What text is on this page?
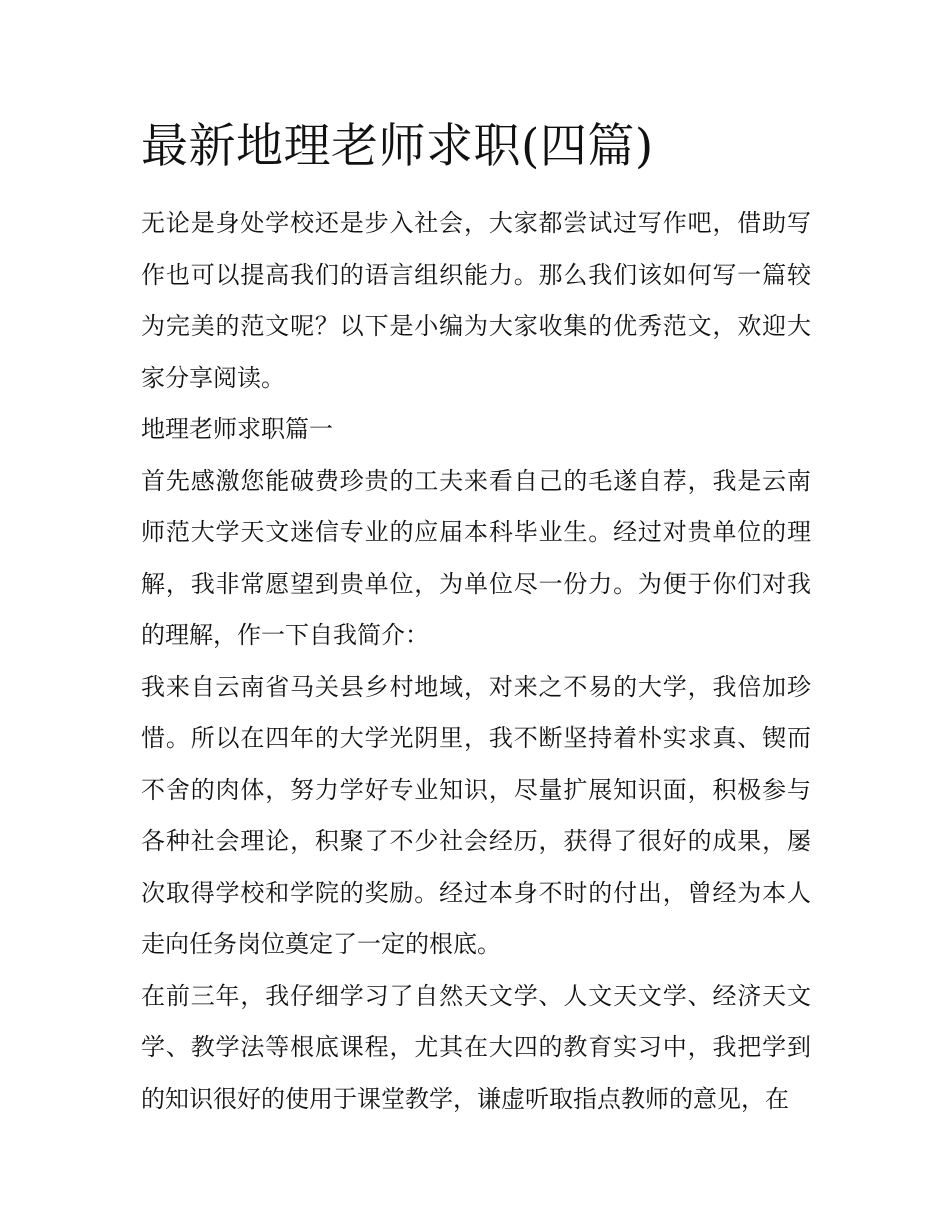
最新地理老师求职(四篇)

无论是身处学校还是步入社会，大家都尝试过写作吧，借助写作也可以提高我们的语言组织能力。那么我们该如何写一篇较为完美的范文呢？以下是小编为大家收集的优秀范文，欢迎大家分享阅读。

地理老师求职篇一

首先感激您能破费珍贵的工夫来看自己的毛遂自荐，我是云南师范大学天文迷信专业的应届本科毕业生。经过对贵单位的理解，我非常愿望到贵单位，为单位尽一份力。为便于你们对我的理解，作一下自我简介：

我来自云南省马关县乡村地域，对来之不易的大学，我倍加珍惜。所以在四年的大学光阴里，我不断坚持着朴实求真、锲而不舍的肉体，努力学好专业知识，尽量扩展知识面，积极参与各种社会理论，积聚了不少社会经历，获得了很好的成果，屡次取得学校和学院的奖励。经过本身不时的付出，曾经为本人走向任务岗位奠定了一定的根底。

在前三年，我仔细学习了自然天文学、人文天文学、经济天文学、教学法等根底课程，尤其在大四的教育实习中，我把学到的知识很好的使用于课堂教学，谦虚听取指点教师的意见，在
